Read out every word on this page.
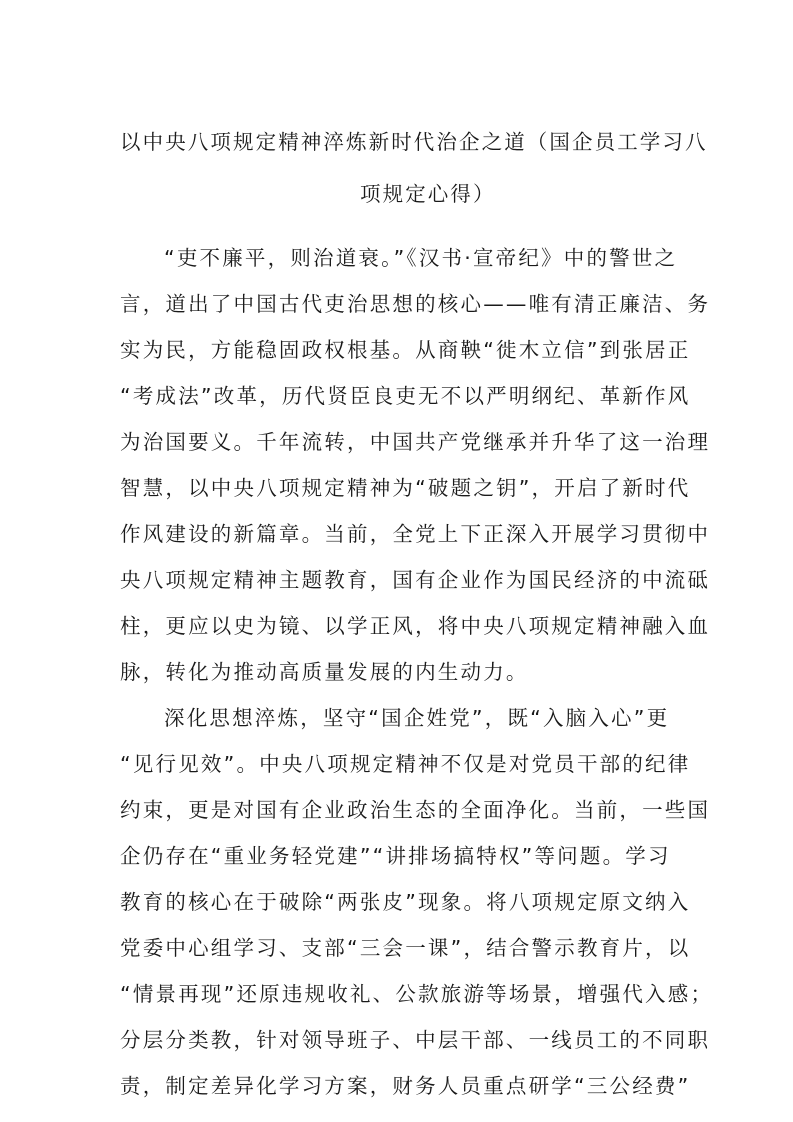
以中央八项规定精神淬炼新时代治企之道（国企员工学习八
项规定心得）

“吏不廉平，则治道衰。”《汉书·宣帝纪》中的警世之

言，道出了中国古代吏治思想的核心——唯有清正廉洁、务

实为民，方能稳固政权根基。从商鞅“徙木立信”到张居正

“考成法”改革，历代贤臣良吏无不以严明纲纪、革新作风

为治国要义。千年流转，中国共产党继承并升华了这一治理

智慧，以中央八项规定精神为“破题之钥”，开启了新时代

作风建设的新篇章。当前，全党上下正深入开展学习贯彻中

央八项规定精神主题教育，国有企业作为国民经济的中流砥

柱，更应以史为镜、以学正风，将中央八项规定精神融入血

脉，转化为推动高质量发展的内生动力。

深化思想淬炼，坚守“国企姓党”，既“入脑入心”更

“见行见效”。中央八项规定精神不仅是对党员干部的纪律

约束，更是对国有企业政治生态的全面净化。当前，一些国

企仍存在“重业务轻党建”“讲排场搞特权”等问题。学习

教育的核心在于破除“两张皮”现象。将八项规定原文纳入

党委中心组学习、支部“三会一课”，结合警示教育片，以

“情景再现”还原违规收礼、公款旅游等场景，增强代入感；

分层分类教，针对领导班子、中层干部、一线员工的不同职

责，制定差异化学习方案，财务人员重点研学“三公经费”
